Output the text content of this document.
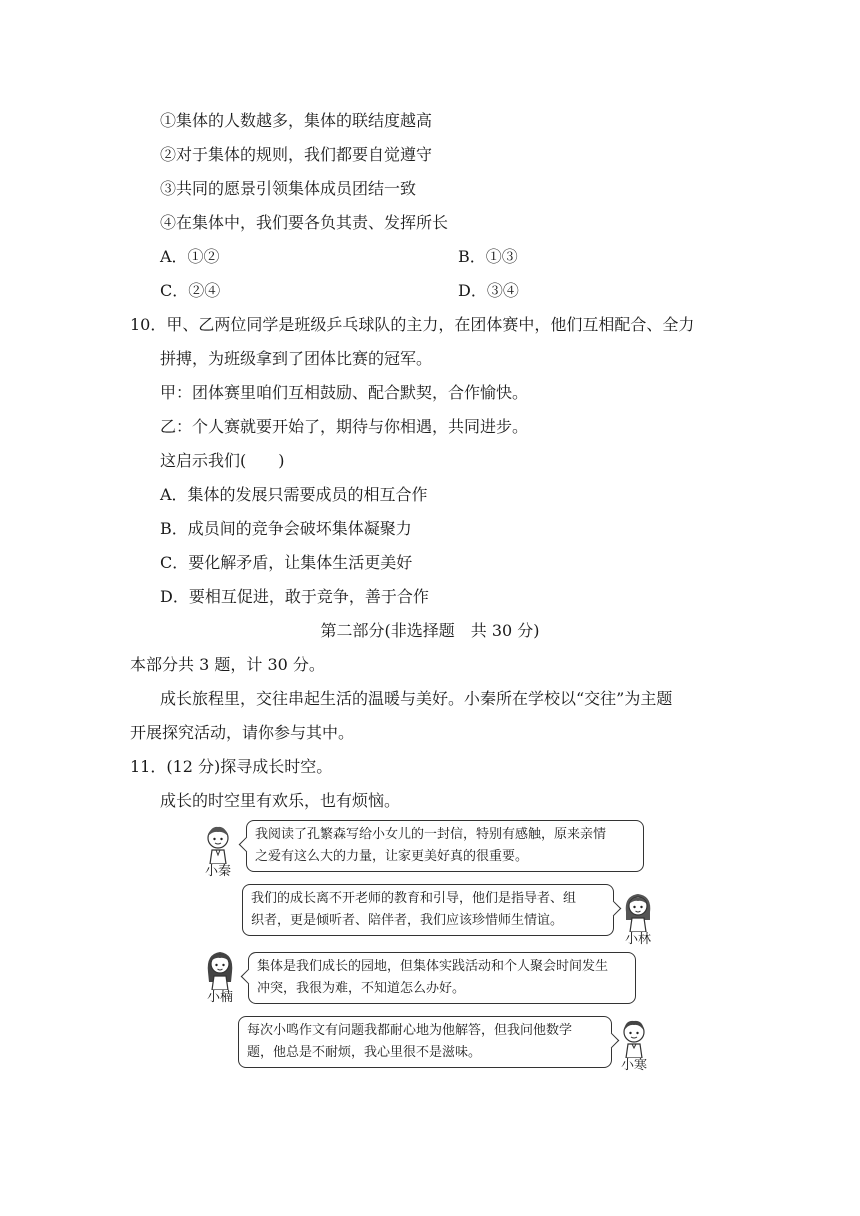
①集体的人数越多，集体的联结度越高
②对于集体的规则，我们都要自觉遵守
③共同的愿景引领集体成员团结一致
④在集体中，我们要各负其责、发挥所长
A．①②	B．①③
C．②④	D．③④
10．甲、乙两位同学是班级乒乓球队的主力，在团体赛中，他们互相配合、全力
拼搏，为班级拿到了团体比赛的冠军。
甲：团体赛里咱们互相鼓励、配合默契，合作愉快。
乙：个人赛就要开始了，期待与你相遇，共同进步。
这启示我们(　　)
A．集体的发展只需要成员的相互合作
B．成员间的竞争会破坏集体凝聚力
C．要化解矛盾，让集体生活更美好
D．要相互促进，敢于竞争，善于合作
第二部分(非选择题　共 30 分)
本部分共 3 题，计 30 分。
成长旅程里，交往串起生活的温暖与美好。小秦所在学校以“交往”为主题
开展探究活动，请你参与其中。
11．(12 分)探寻成长时空。
成长的时空里有欢乐，也有烦恼。
小秦
我阅读了孔繁森写给小女儿的一封信，特别有感触，原来亲情
之爱有这么大的力量，让家更美好真的很重要。
我们的成长离不开老师的教育和引导，他们是指导者、组
织者，更是倾听者、陪伴者，我们应该珍惜师生情谊。
小林
小楠
集体是我们成长的园地，但集体实践活动和个人聚会时间发生
冲突，我很为难，不知道怎么办好。
每次小鸣作文有问题我都耐心地为他解答，但我问他数学
题，他总是不耐烦，我心里很不是滋味。
小寒
